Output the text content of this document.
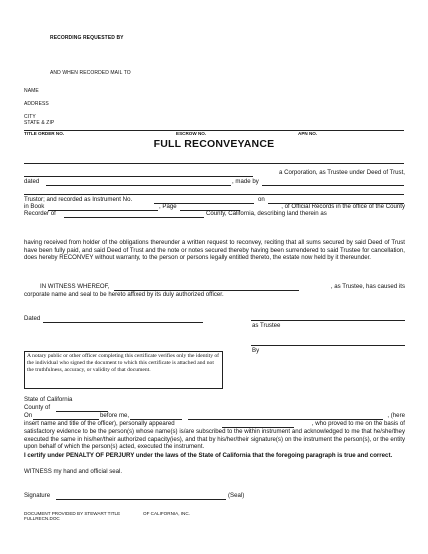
RECORDING REQUESTED BY
AND WHEN RECORDED MAIL TO
NAME
ADDRESS
CITY
STATE & ZIP
TITLE ORDER NO.	ESCROW NO.	APN NO.
FULL RECONVEYANCE
a Corporation, as Trustee under Deed of Trust,
dated	, made by
Trustor; and recorded as Instrument No.	on
in Book	, Page	, of Official Records in the office of the County
Recorder of	County, California, describing land therein as
having received from holder of the obligations thereunder a written request to reconvey, reciting that all sums secured by said Deed of Trust have been fully paid, and said Deed of Trust and the note or notes secured thereby having been surrendered to said Trustee for cancellation, does hereby RECONVEY without warranty, to the person or persons legally entitled thereto, the estate now held by it thereunder.
IN WITNESS WHEREOF,	, as Trustee, has caused its
corporate name and seal to be hereto affixed by its duly authorized officer.
Dated
as Trustee
By
A notary public or other officer completing this certificate verifies only the identity of the individual who signed the document to which this certificate is attached and not the truthfulness, accuracy, or validity of that document.
State of California
County of
On	before me,	, (here
insert name and title of the officer), personally appeared	, who proved to me on the basis of
satisfactory evidence to be the person(s) whose name(s) is/are subscribed to the within instrument and acknowledged to me that he/she/they executed the same in his/her/their authorized capacity(ies), and that by his/her/their signature(s) on the instrument the person(s), or the entity upon behalf of which the person(s) acted, executed the instrument.
I certify under PENALTY OF PERJURY under the laws of the State of California that the foregoing paragraph is true and correct.
WITNESS my hand and official seal.
Signature	(Seal)
DOCUMENT PROVIDED BY STEWART TITLE
FULLRECN.DOC
OF CALIFORNIA, INC.
